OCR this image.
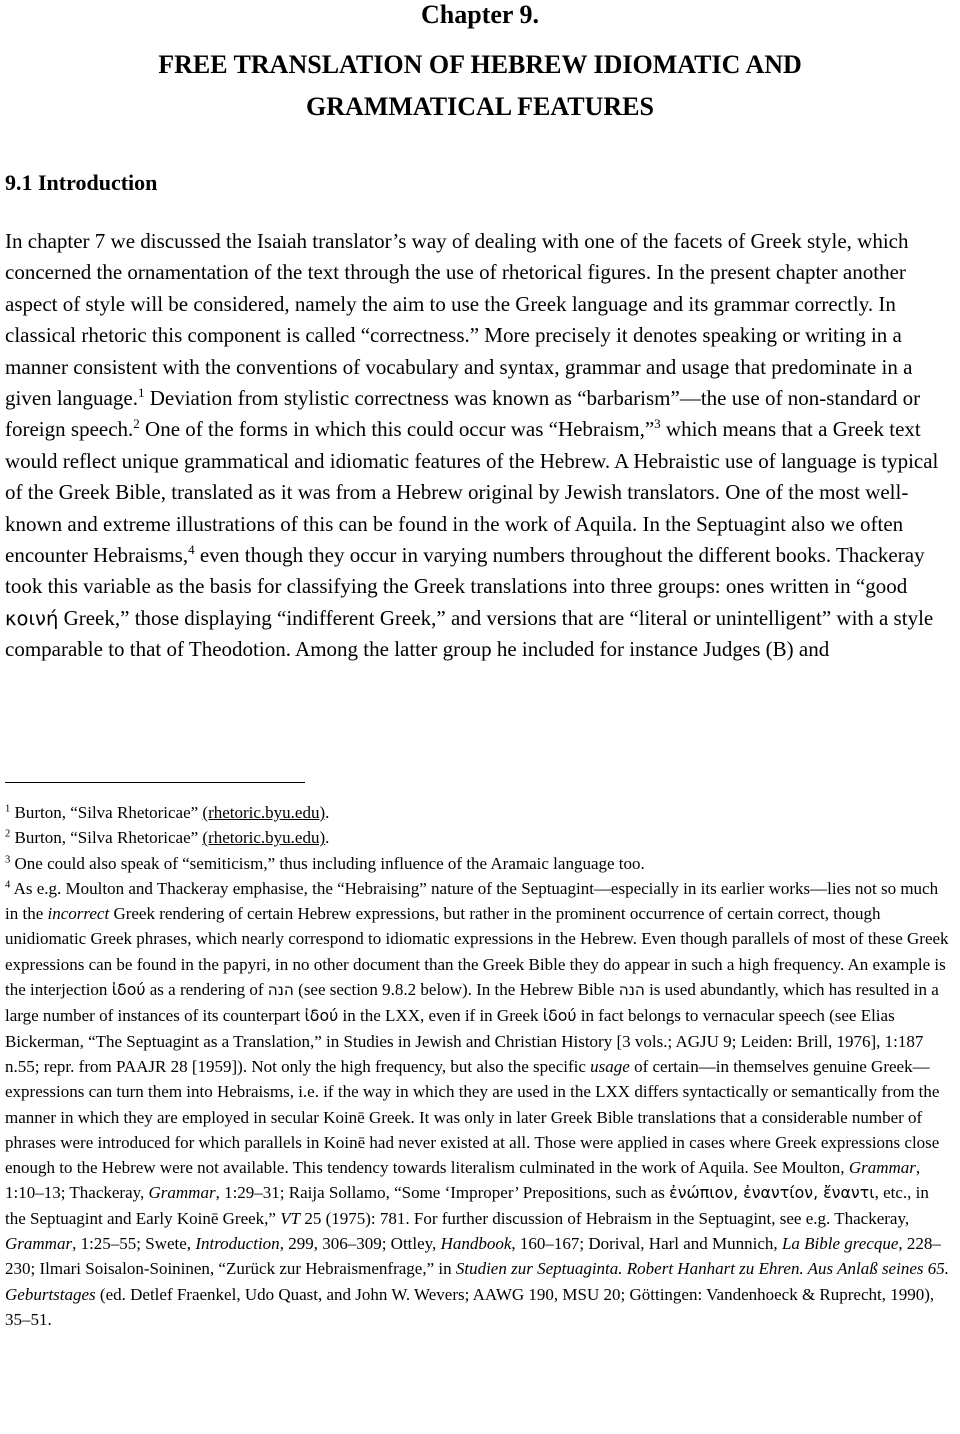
Chapter 9.
FREE TRANSLATION OF HEBREW IDIOMATIC AND
GRAMMATICAL FEATURES
9.1 Introduction

In chapter 7 we discussed the Isaiah translator’s way of dealing with one of the facets of Greek style, which concerned the ornamentation of the text through the use of rhetorical figures. In the present chapter another aspect of style will be considered, namely the aim to use the Greek language and its grammar correctly. In classical rhetoric this component is called “correctness.” More precisely it denotes speaking or writing in a manner consistent with the conventions of vocabulary and syntax, grammar and usage that predominate in a given language.$^1$ Deviation from stylistic correctness was known as “barbarism”—the use of non-standard or foreign speech.$^2$ One of the forms in which this could occur was “Hebraism,”$^3$ which means that a Greek text would reflect unique grammatical and idiomatic features of the Hebrew. A Hebraistic use of language is typical of the Greek Bible, translated as it was from a Hebrew original by Jewish translators. One of the most well-known and extreme illustrations of this can be found in the work of Aquila. In the Septuagint also we often encounter Hebraisms,$^4$ even though they occur in varying numbers throughout the different books. Thackeray took this variable as the basis for classifying the Greek translations into three groups: ones written in “good κοινή Greek,” those displaying “indifferent Greek,” and versions that are “literal or unintelligent” with a style comparable to that of Theodotion. Among the latter group he included for instance Judges (B) and

$^1$ Burton, “Silva Rhetoricae” (rhetoric.byu.edu).

$^2$ Burton, “Silva Rhetoricae” (rhetoric.byu.edu).

$^3$ One could also speak of “semiticism,” thus including influence of the Aramaic language too.

$^4$ As e.g. Moulton and Thackeray emphasise, the “Hebraising” nature of the Septuagint—especially in its earlier works—lies not so much in the incorrect Greek rendering of certain Hebrew expressions, but rather in the prominent occurrence of certain correct, though unidiomatic Greek phrases, which nearly correspond to idiomatic expressions in the Hebrew. Even though parallels of most of these Greek expressions can be found in the papyri, in no other document than the Greek Bible they do appear in such a high frequency. An example is the interjection ἰδού as a rendering of הנה (see section 9.8.2 below). In the Hebrew Bible הנה is used abundantly, which has resulted in a large number of instances of its counterpart ἰδού in the LXX, even if in Greek ἰδού in fact belongs to vernacular speech (see Elias Bickerman, “The Septuagint as a Translation,” in Studies in Jewish and Christian History [3 vols.; AGJU 9; Leiden: Brill, 1976], 1:187 n.55; repr. from PAAJR 28 [1959]). Not only the high frequency, but also the specific usage of certain—in themselves genuine Greek—expressions can turn them into Hebraisms, i.e. if the way in which they are used in the LXX differs syntactically or semantically from the manner in which they are employed in secular Koinē Greek. It was only in later Greek Bible translations that a considerable number of phrases were introduced for which parallels in Koinē had never existed at all. Those were applied in cases where Greek expressions close enough to the Hebrew were not available. This tendency towards literalism culminated in the work of Aquila. See Moulton, Grammar, 1:10–13; Thackeray, Grammar, 1:29–31; Raija Sollamo, “Some ‘Improper’ Prepositions, such as ἐνώπιον, ἐναντίον, ἔναντι, etc., in the Septuagint and Early Koinē Greek,” VT 25 (1975): 781. For further discussion of Hebraism in the Septuagint, see e.g. Thackeray, Grammar, 1:25–55; Swete, Introduction, 299, 306–309; Ottley, Handbook, 160–167; Dorival, Harl and Munnich, La Bible grecque, 228–230; Ilmari Soisalon-Soininen, “Zurück zur Hebraismenfrage,” in Studien zur Septuaginta. Robert Hanhart zu Ehren. Aus Anlaß seines 65. Geburtstages (ed. Detlef Fraenkel, Udo Quast, and John W. Wevers; AAWG 190, MSU 20; Göttingen: Vandenhoeck & Ruprecht, 1990), 35–51.
